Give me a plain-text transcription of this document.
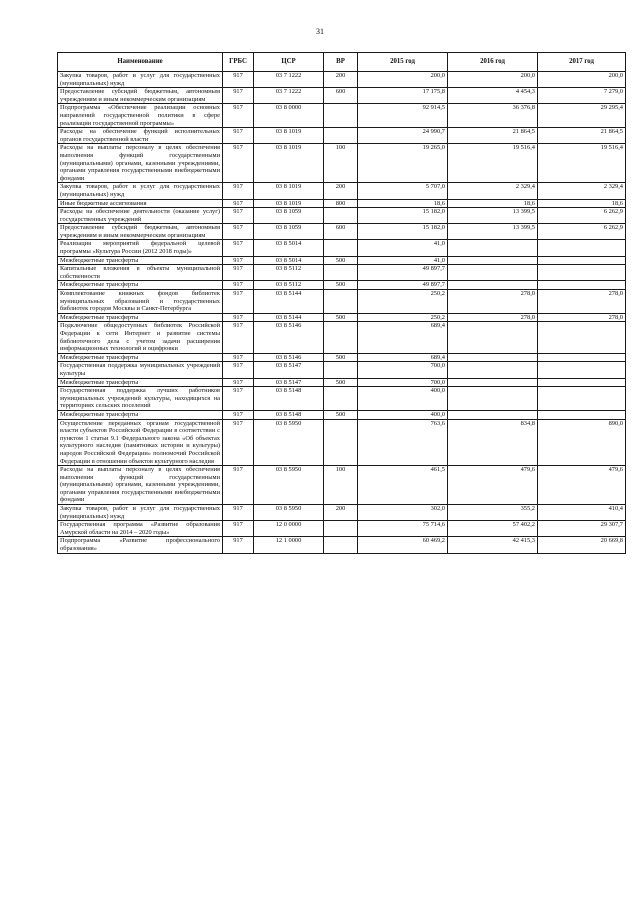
31
Наименование	ГРБС	ЦСР	ВР	2015 год	2016 год	2017 год
Закупка товаров, работ и услуг для государственных (муниципальных) нужд	917	03 7 1222	200	200,0	200,0	200,0
Предоставление субсидий бюджетным, автономным учреждениям и иным некоммерческим организациям	917	03 7 1222	600	17 175,8	4 454,3	7 279,0
Подпрограмма «Обеспечение реализации основных направлений государственной политики в сфере реализации государственной программы»	917	03 8 0000		92 914,5	36 376,8	29 295,4
Расходы на обеспечение функций исполнительных органов государственной власти	917	03 8 1019		24 990,7	21 864,5	21 864,5
Расходы на выплаты персоналу в целях обеспечения выполнения функций государственными (муниципальными) органами, казенными учреждениями, органами управления государственными внебюджетными фондами	917	03 8 1019	100	19 265,0	19 516,4	19 516,4
Закупка товаров, работ и услуг для государственных (муниципальных) нужд	917	03 8 1019	200	5 707,0	2 329,4	2 329,4
Иные бюджетные ассигнования	917	03 8 1019	800	18,6	18,6	18,6
Расходы на обеспечение деятельности (оказание услуг) государственных учреждений	917	03 8 1059		15 182,0	13 399,5	6 262,9
Предоставление субсидий бюджетным, автономным учреждениям и иным некоммерческим организациям	917	03 8 1059	600	15 182,0	13 399,5	6 262,9
Реализация мероприятий федеральной целевой программы «Культура России (2012 2018 годы)»	917	03 8 5014		41,0		
Межбюджетные трансферты	917	03 8 5014	500	41,0		
Капитальные вложения в объекты муниципальной собственности	917	03 8 5112		49 897,7		
Межбюджетные трансферты	917	03 8 5112	500	49 897,7		
Комплектование книжных фондов библиотек муниципальных образований и государственных библиотек городов Москвы и Санкт-Петербурга	917	03 8 5144		250,2	278,0	278,0
Межбюджетные трансферты	917	03 8 5144	500	250,2	278,0	278,0
Подключение общедоступных библиотек Российской Федерации к сети Интернет и развитие системы библиотечного дела с учетом задачи расширения информационных технологий и оцифровки	917	03 8 5146		689,4		
Межбюджетные трансферты	917	03 8 5146	500	689,4		
Государственная поддержка муниципальных учреждений культуры	917	03 8 5147		700,0		
Межбюджетные трансферты	917	03 8 5147	500	700,0		
Государственная поддержка лучших работников муниципальных учреждений культуры, находящихся на территориях сельских поселений	917	03 8 5148		400,0		
Межбюджетные трансферты	917	03 8 5148	500	400,0		
Осуществление переданных органам государственной власти субъектов Российской Федерации в соответствии с пунктом 1 статьи 9.1 Федерального закона «Об объектах культурного наследия (памятниках истории и культуры) народов Российской Федерации» полномочий Российской Федерации в отношении объектов культурного наследия	917	03 8 5950		763,6	834,8	890,0
Расходы на выплаты персоналу в целях обеспечения выполнения функций государственными (муниципальными) органами, казенными учреждениями, органами управления государственными внебюджетными фондами	917	03 8 5950	100	461,5	479,6	479,6
Закупка товаров, работ и услуг для государственных (муниципальных) нужд	917	03 8 5950	200	302,0	355,2	410,4
Государственная программа «Развитие образования Амурской области на 2014 – 2020 годы»	917	12 0 0000		75 714,6	57 402,2	29 307,7
Подпрограмма «Развитие профессионального образования»	917	12 1 0000		60 469,2	42 415,3	20 669,8
